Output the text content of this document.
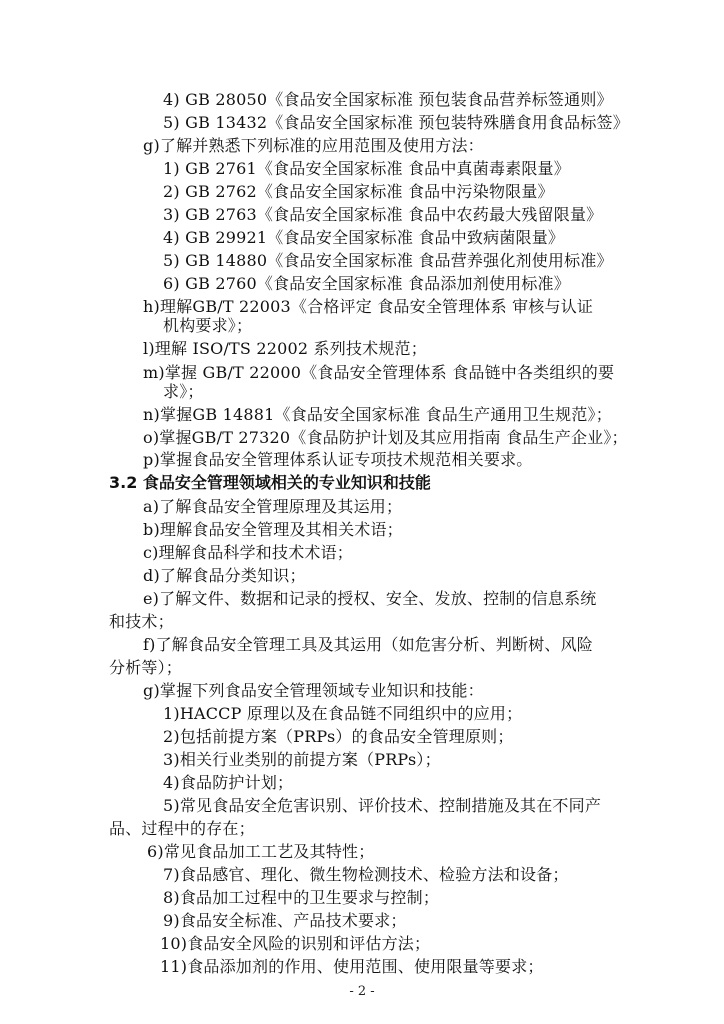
4) GB 28050《食品安全国家标准 预包装食品营养标签通则》
5) GB 13432《食品安全国家标准 预包装特殊膳食用食品标签》
g)了解并熟悉下列标准的应用范围及使用方法：
1) GB 2761《食品安全国家标准 食品中真菌毒素限量》
2) GB 2762《食品安全国家标准 食品中污染物限量》
3) GB 2763《食品安全国家标准 食品中农药最大残留限量》
4) GB 29921《食品安全国家标准 食品中致病菌限量》
5) GB 14880《食品安全国家标准 食品营养强化剂使用标准》
6) GB 2760《食品安全国家标准 食品添加剂使用标准》
h)理解GB/T 22003《合格评定 食品安全管理体系 审核与认证
机构要求》；
l)理解 ISO/TS 22002 系列技术规范；
m)掌握 GB/T 22000《食品安全管理体系 食品链中各类组织的要
求》；
n)掌握GB 14881《食品安全国家标准 食品生产通用卫生规范》；
o)掌握GB/T 27320《食品防护计划及其应用指南 食品生产企业》；
p)掌握食品安全管理体系认证专项技术规范相关要求。
3.2 食品安全管理领域相关的专业知识和技能
a)了解食品安全管理原理及其运用；
b)理解食品安全管理及其相关术语；
c)理解食品科学和技术术语；
d)了解食品分类知识；
e)了解文件、数据和记录的授权、安全、发放、控制的信息系统
和技术；
f)了解食品安全管理工具及其运用（如危害分析、判断树、风险
分析等）；
g)掌握下列食品安全管理领域专业知识和技能：
1)HACCP 原理以及在食品链不同组织中的应用；
2)包括前提方案（PRPs）的食品安全管理原则；
3)相关行业类别的前提方案（PRPs）；
4)食品防护计划；
5)常见食品安全危害识别、评价技术、控制措施及其在不同产
品、过程中的存在；
6)常见食品加工工艺及其特性；
7)食品感官、理化、微生物检测技术、检验方法和设备；
8)食品加工过程中的卫生要求与控制；
9)食品安全标准、产品技术要求；
10)食品安全风险的识别和评估方法；
11)食品添加剂的作用、使用范围、使用限量等要求；
- 2 -
